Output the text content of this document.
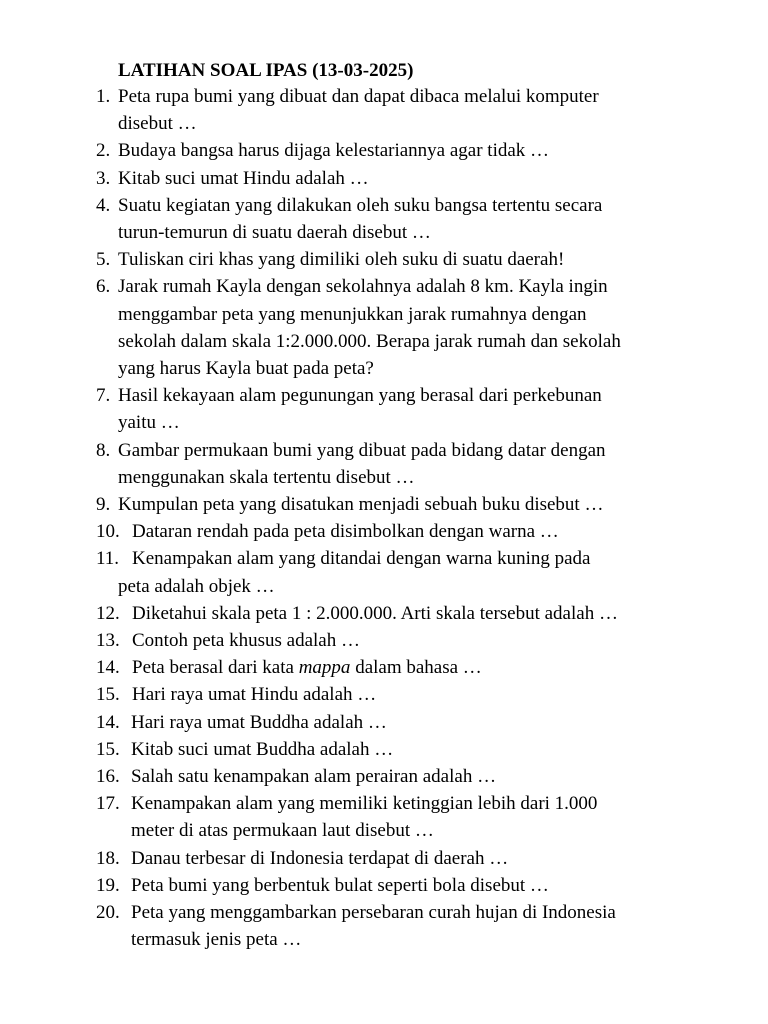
LATIHAN SOAL IPAS (13-03-2025)
1. Peta rupa bumi yang dibuat dan dapat dibaca melalui komputer
disebut …
2. Budaya bangsa harus dijaga kelestariannya agar tidak …
3. Kitab suci umat Hindu adalah …
4. Suatu kegiatan yang dilakukan oleh suku bangsa tertentu secara
turun-temurun di suatu daerah disebut …
5. Tuliskan ciri khas yang dimiliki oleh suku di suatu daerah!
6. Jarak rumah Kayla dengan sekolahnya adalah 8 km. Kayla ingin
menggambar peta yang menunjukkan jarak rumahnya dengan
sekolah dalam skala 1:2.000.000. Berapa jarak rumah dan sekolah
yang harus Kayla buat pada peta?
7. Hasil kekayaan alam pegunungan yang berasal dari perkebunan
yaitu …
8. Gambar permukaan bumi yang dibuat pada bidang datar dengan
menggunakan skala tertentu disebut …
9. Kumpulan peta yang disatukan menjadi sebuah buku disebut …
10. Dataran rendah pada peta disimbolkan dengan warna …
11. Kenampakan alam yang ditandai dengan warna kuning pada
peta adalah objek …
12. Diketahui skala peta 1 : 2.000.000. Arti skala tersebut adalah …
13. Contoh peta khusus adalah …
14. Peta berasal dari kata mappa dalam bahasa …
15. Hari raya umat Hindu adalah …
14. Hari raya umat Buddha adalah …
15. Kitab suci umat Buddha adalah …
16. Salah satu kenampakan alam perairan adalah …
17. Kenampakan alam yang memiliki ketinggian lebih dari 1.000
meter di atas permukaan laut disebut …
18. Danau terbesar di Indonesia terdapat di daerah …
19. Peta bumi yang berbentuk bulat seperti bola disebut …
20. Peta yang menggambarkan persebaran curah hujan di Indonesia
termasuk jenis peta …
